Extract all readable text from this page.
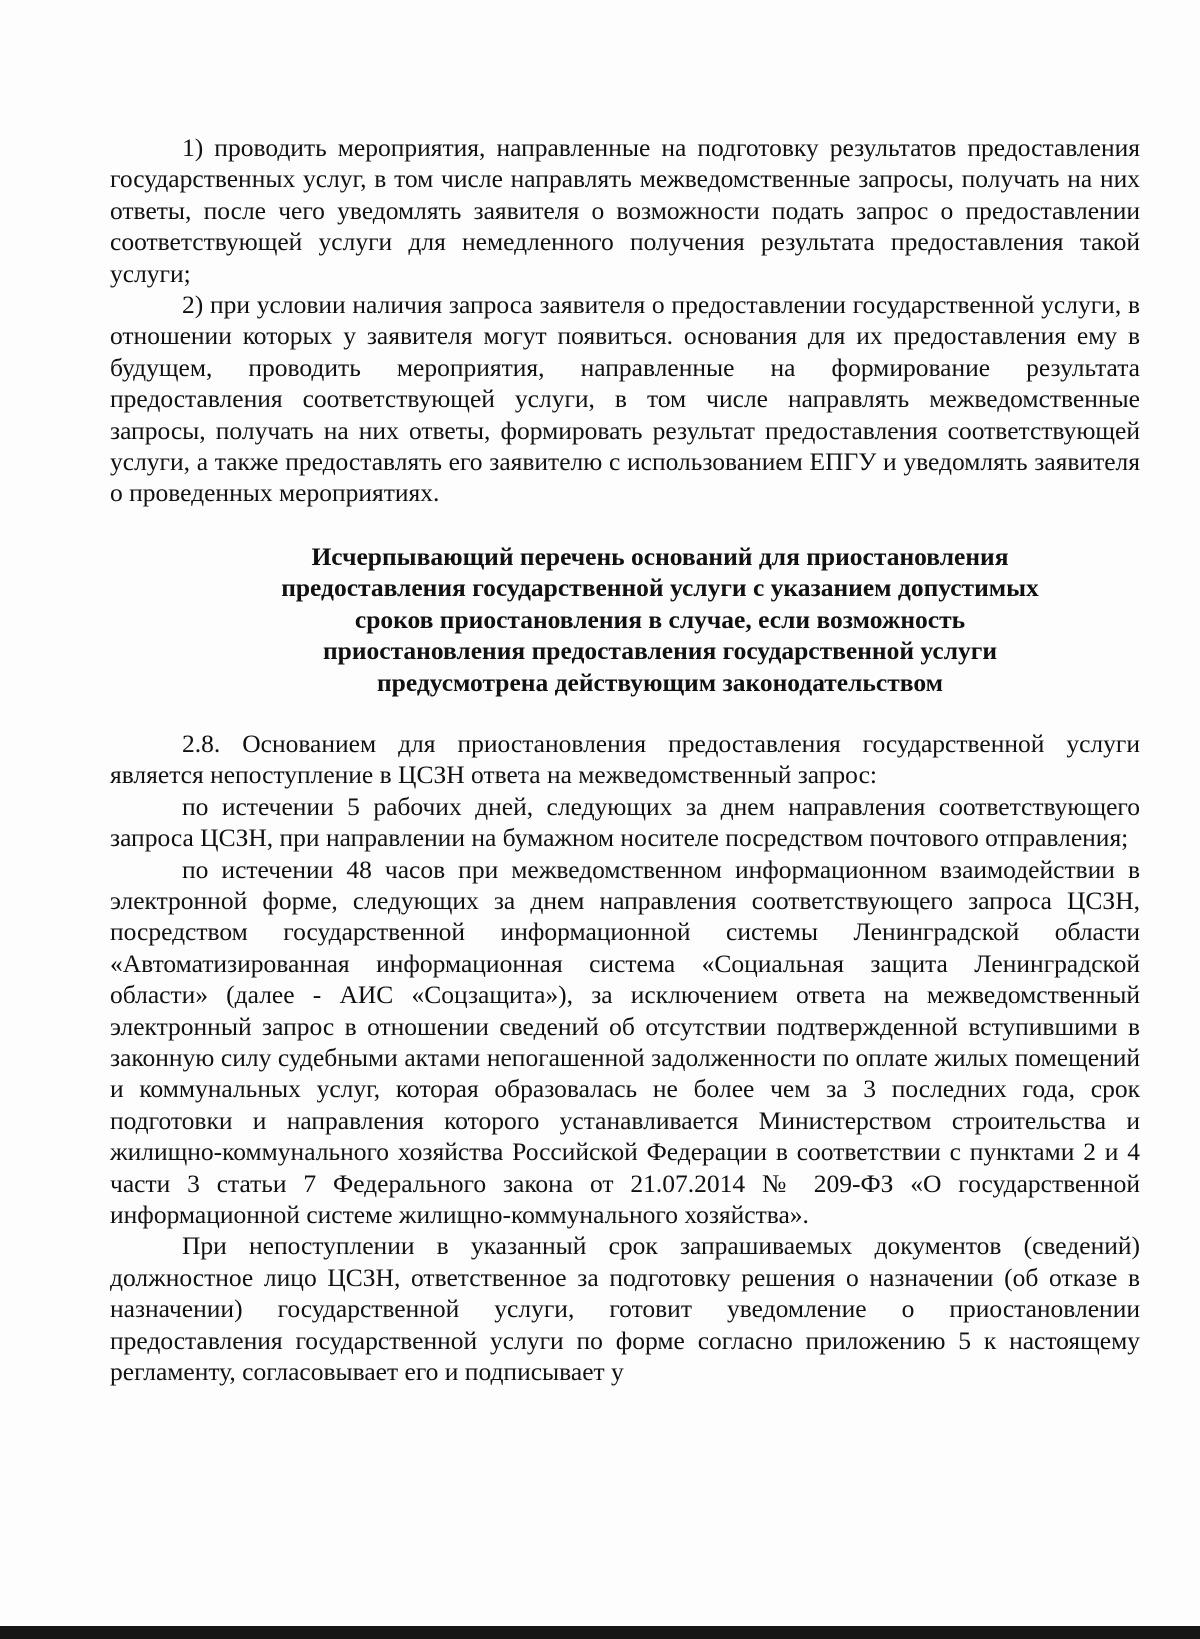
1) проводить мероприятия, направленные на подготовку результатов предоставления государственных услуг, в том числе направлять межведомственные запросы, получать на них ответы, после чего уведомлять заявителя о возможности подать запрос о предоставлении соответствующей услуги для немедленного получения результата предоставления такой услуги;

2) при условии наличия запроса заявителя о предоставлении государственной услуги, в отношении которых у заявителя могут появиться. основания для их предоставления ему в будущем, проводить мероприятия, направленные на формирование результата предоставления соответствующей услуги, в том числе направлять межведомственные запросы, получать на них ответы, формировать результат предоставления соответствующей услуги, а также предоставлять его заявителю с использованием ЕПГУ и уведомлять заявителя о проведенных мероприятиях.

Исчерпывающий перечень оснований для приостановления
предоставления государственной услуги с указанием допустимых
сроков приостановления в случае, если возможность
приостановления предоставления государственной услуги
предусмотрена действующим законодательством

2.8. Основанием для приостановления предоставления государственной услуги является непоступление в ЦСЗН ответа на межведомственный запрос:

по истечении 5 рабочих дней, следующих за днем направления соответствующего запроса ЦСЗН, при направлении на бумажном носителе посредством почтового отправления;

по истечении 48 часов при межведомственном информационном взаимодействии в электронной форме, следующих за днем направления соответствующего запроса ЦСЗН, посредством государственной информационной системы Ленинградской области «Автоматизированная информационная система «Социальная защита Ленинградской области» (далее - АИС «Соцзащита»), за исключением ответа на межведомственный электронный запрос в отношении сведений об отсутствии подтвержденной вступившими в законную силу судебными актами непогашенной задолженности по оплате жилых помещений и коммунальных услуг, которая образовалась не более чем за 3 последних года, срок подготовки и направления которого устанавливается Министерством строительства и жилищно-коммунального хозяйства Российской Федерации в соответствии с пунктами 2 и 4 части 3 статьи 7 Федерального закона от 21.07.2014 № 209-ФЗ «О государственной информационной системе жилищно-коммунального хозяйства».

При непоступлении в указанный срок запрашиваемых документов (сведений) должностное лицо ЦСЗН, ответственное за подготовку решения о назначении (об отказе в назначении) государственной услуги, готовит уведомление о приостановлении предоставления государственной услуги по форме согласно приложению 5 к настоящему регламенту, согласовывает его и подписывает у
